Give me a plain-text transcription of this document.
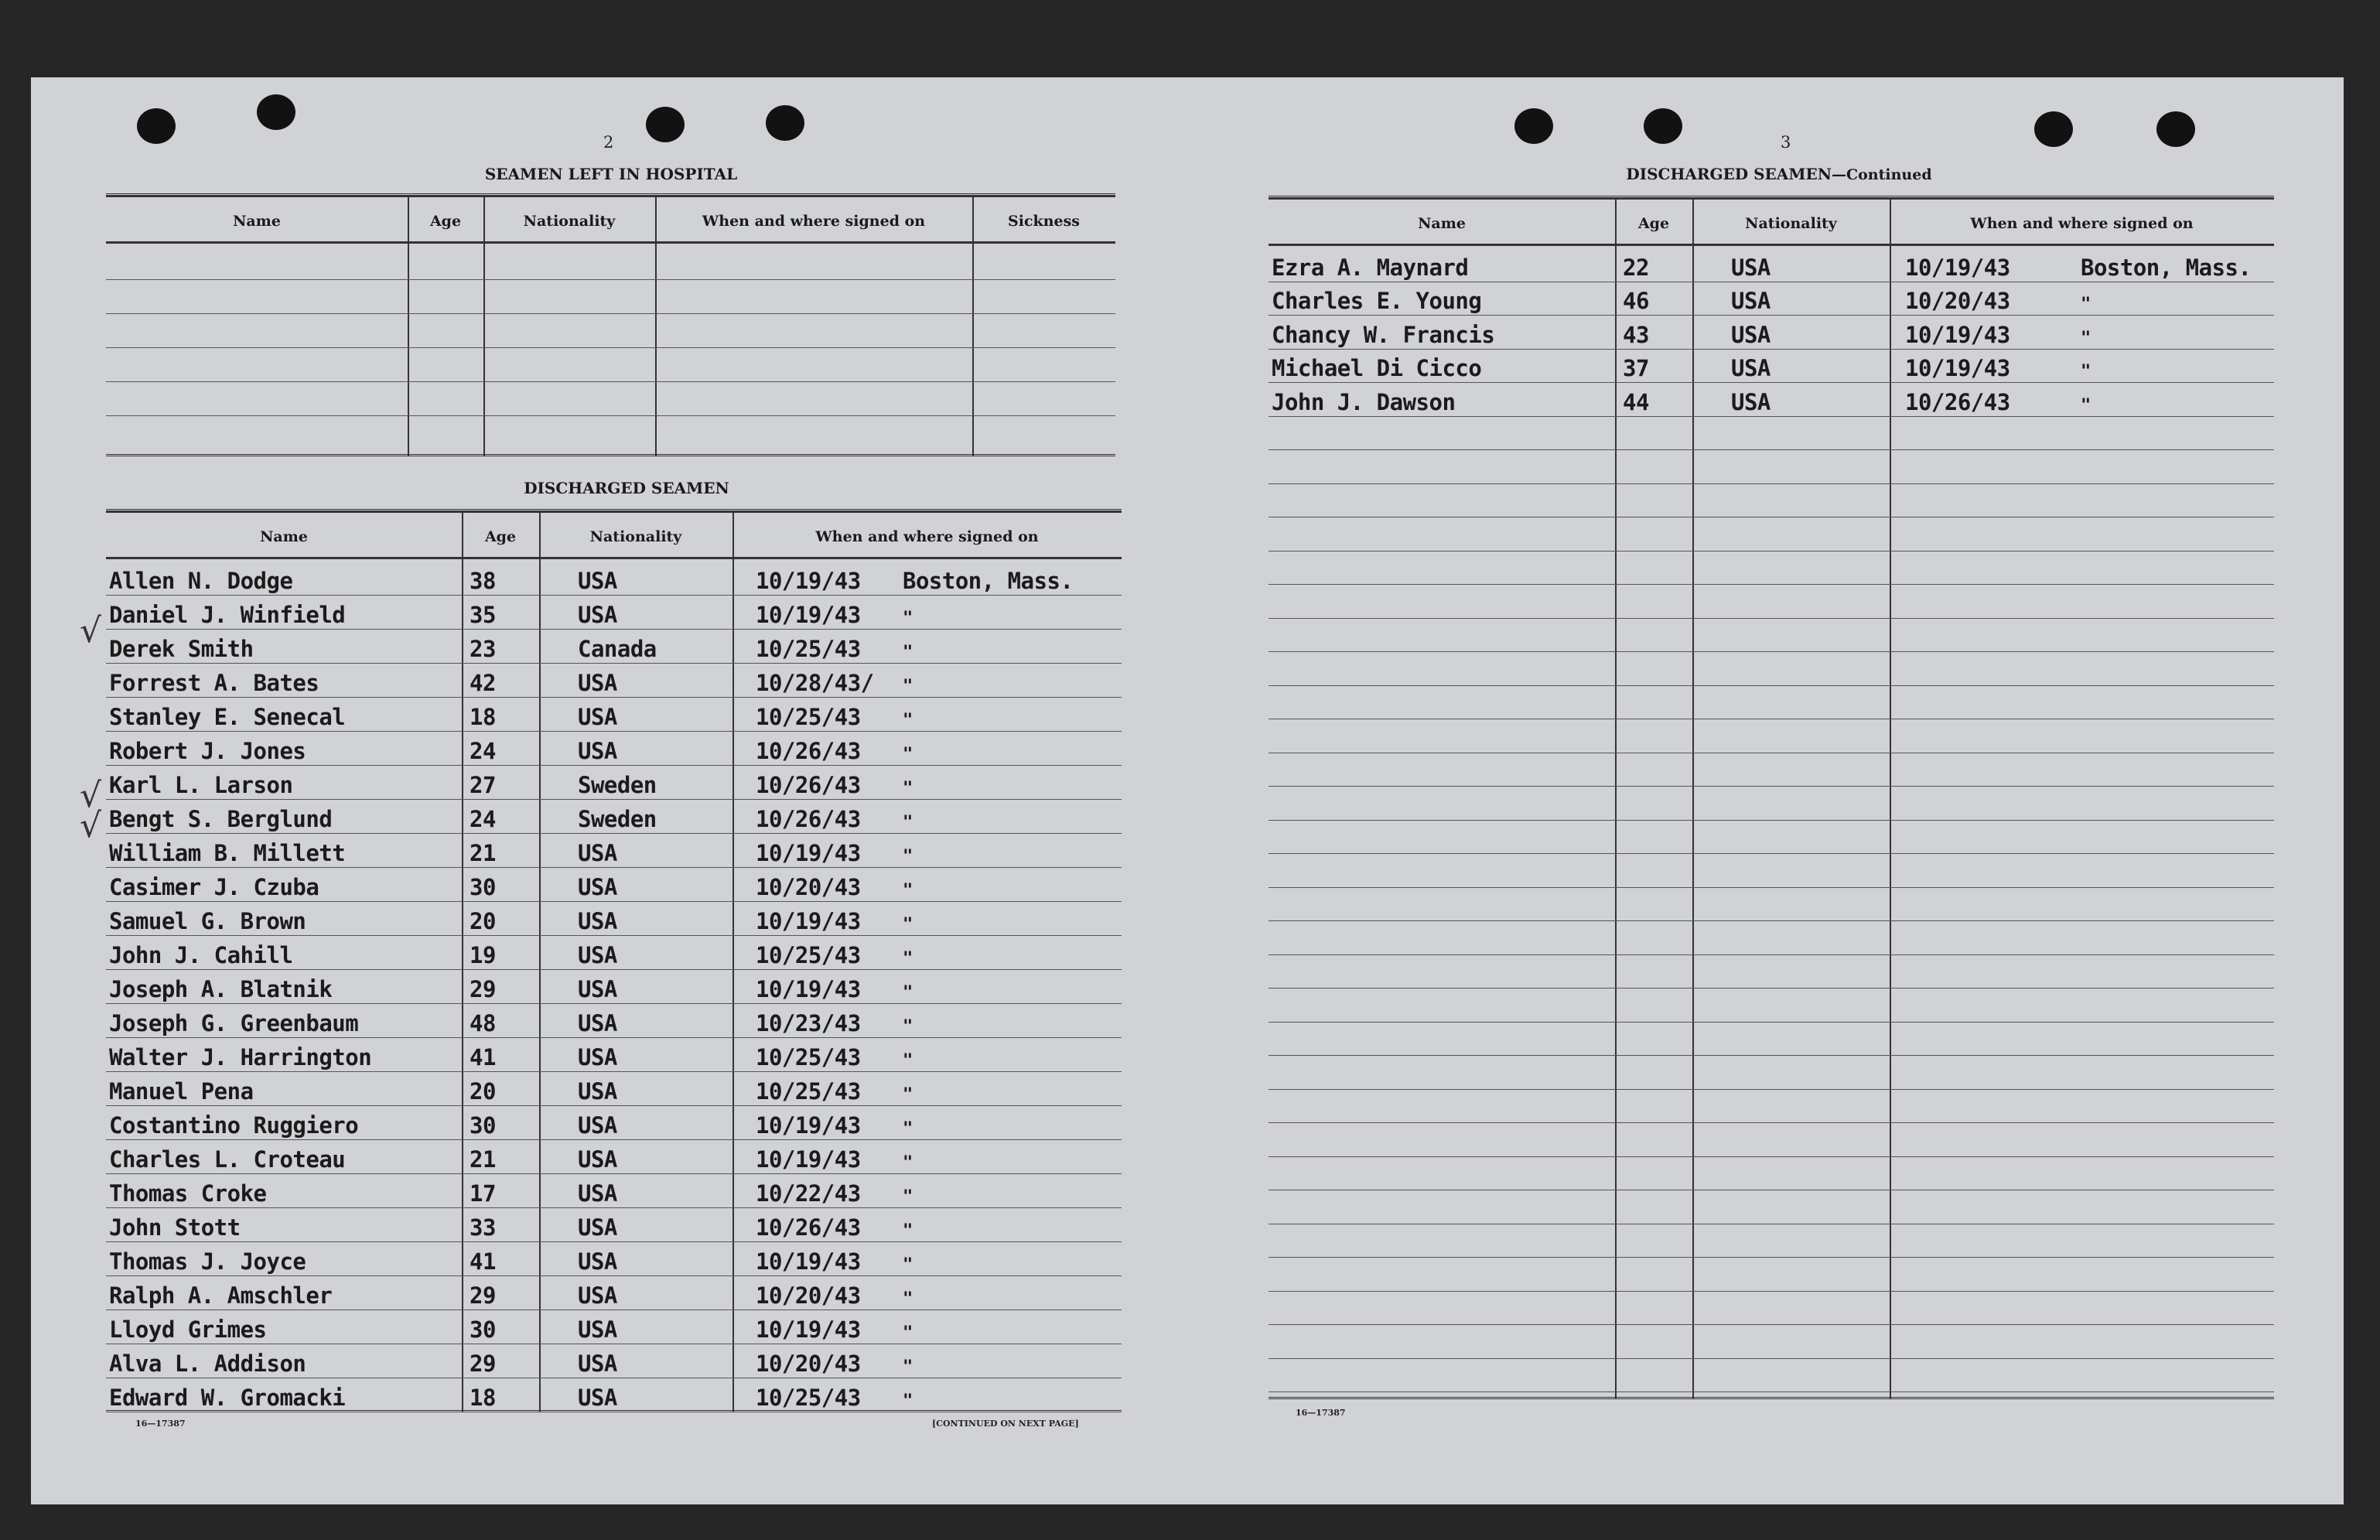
2
SEAMEN LEFT IN HOSPITAL
Name	Age	Nationality	When and where signed on	Sickness
DISCHARGED SEAMEN
Name	Age	Nationality	When and where signed on
Allen N. Dodge	38	USA	10/19/43 Boston, Mass.
Daniel J. Winfield	35	USA	10/19/43 "
Derek Smith	23	Canada	10/25/43 "
Forrest A. Bates	42	USA	10/28/43/ "
Stanley E. Senecal	18	USA	10/25/43 "
Robert J. Jones	24	USA	10/26/43 "
Karl L. Larson	27	Sweden	10/26/43 "
Bengt S. Berglund	24	Sweden	10/26/43 "
William B. Millett	21	USA	10/19/43 "
Casimer J. Czuba	30	USA	10/20/43 "
Samuel G. Brown	20	USA	10/19/43 "
John J. Cahill	19	USA	10/25/43 "
Joseph A. Blatnik	29	USA	10/19/43 "
Joseph G. Greenbaum	48	USA	10/23/43 "
Walter J. Harrington	41	USA	10/25/43 "
Manuel Pena	20	USA	10/25/43 "
Costantino Ruggiero	30	USA	10/19/43 "
Charles L. Croteau	21	USA	10/19/43 "
Thomas Croke	17	USA	10/22/43 "
John Stott	33	USA	10/26/43 "
Thomas J. Joyce	41	USA	10/19/43 "
Ralph A. Amschler	29	USA	10/20/43 "
Lloyd Grimes	30	USA	10/19/43 "
Alva L. Addison	29	USA	10/20/43 "
Edward W. Gromacki	18	USA	10/25/43 "
16—17387	[CONTINUED ON NEXT PAGE]
√
√
√
3
DISCHARGED SEAMEN—Continued
Name	Age	Nationality	When and where signed on
Ezra A. Maynard	22	USA	10/19/43	Boston, Mass.
Charles E. Young	46	USA	10/20/43	"
Chancy W. Francis	43	USA	10/19/43	"
Michael Di Cicco	37	USA	10/19/43	"
John J. Dawson	44	USA	10/26/43	"
16—17387
